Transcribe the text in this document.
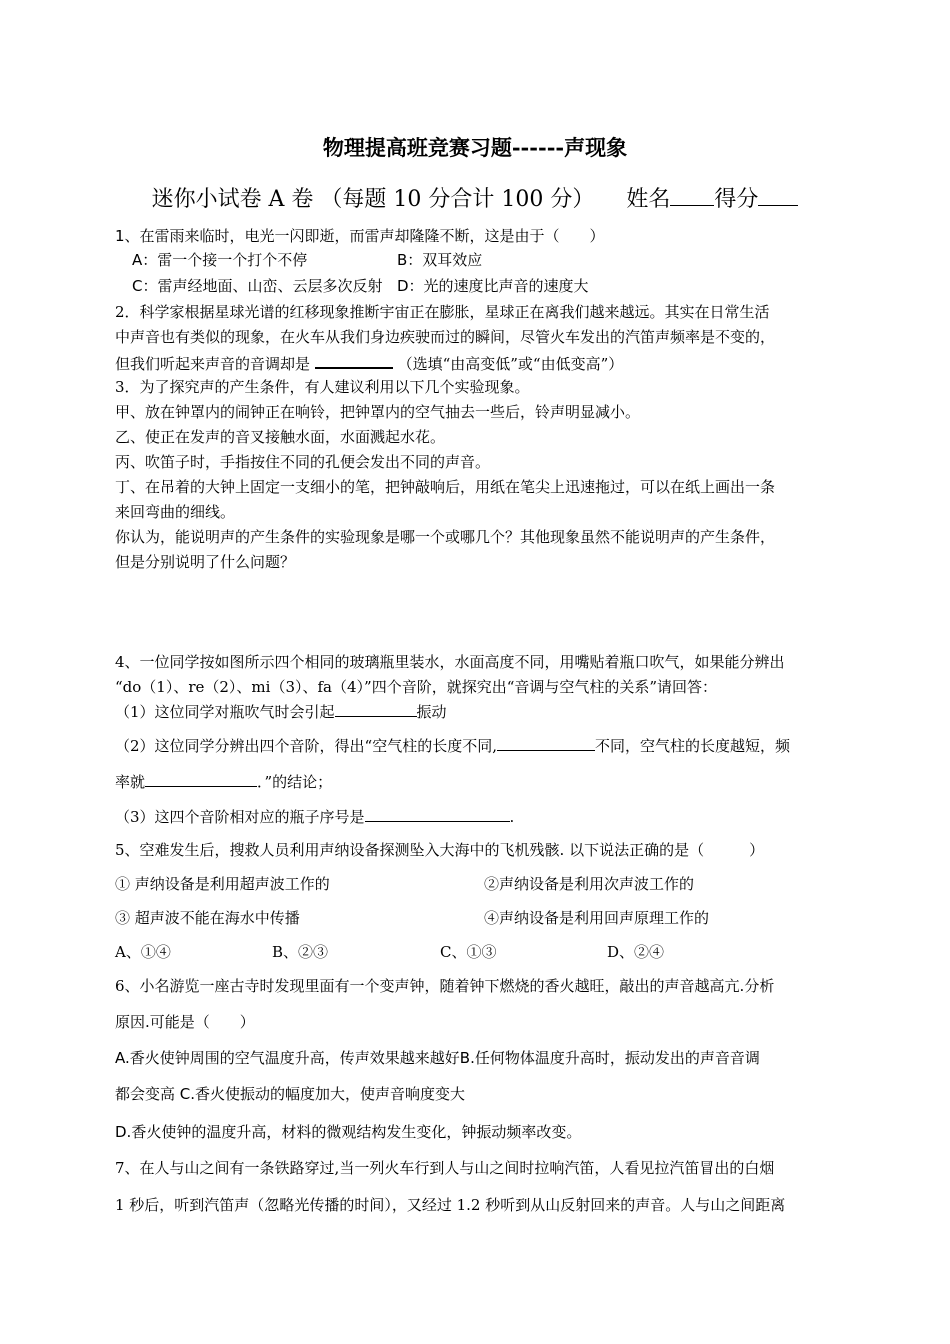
物理提高班竞赛习题------声现象
迷你小试卷 A 卷 （每题 10 分合计 100 分） 姓名 得分
1、在雷雨来临时，电光一闪即逝，而雷声却隆隆不断，这是由于（　　）
A：雷一个接一个打个不停	B：双耳效应
C：雷声经地面、山峦、云层多次反射 D：光的速度比声音的速度大
2．科学家根据星球光谱的红移现象推断宇宙正在膨胀，星球正在离我们越来越远。其实在日常生活
中声音也有类似的现象，在火车从我们身边疾驶而过的瞬间，尽管火车发出的汽笛声频率是不变的，
但我们听起来声音的音调却是	（选填“由高变低”或“由低变高”）
3．为了探究声的产生条件，有人建议利用以下几个实验现象。
甲、放在钟罩内的闹钟正在响铃，把钟罩内的空气抽去一些后，铃声明显减小。
乙、使正在发声的音叉接触水面，水面溅起水花。
丙、吹笛子时，手指按住不同的孔便会发出不同的声音。
丁、在吊着的大钟上固定一支细小的笔，把钟敲响后，用纸在笔尖上迅速拖过，可以在纸上画出一条
来回弯曲的细线。
你认为，能说明声的产生条件的实验现象是哪一个或哪几个？其他现象虽然不能说明声的产生条件，
但是分别说明了什么问题？
4、一位同学按如图所示四个相同的玻璃瓶里装水，水面高度不同，用嘴贴着瓶口吹气，如果能分辨出
“do（1）、re（2）、mi（3）、fa（4）”四个音阶，就探究出“音调与空气柱的关系”请回答：
（1）这位同学对瓶吹气时会引起	振动
（2）这位同学分辨出四个音阶，得出“空气柱的长度不同,	不同，空气柱的长度越短，频
率就	．”的结论；
（3）这四个音阶相对应的瓶子序号是	.
5、空难发生后，搜救人员利用声纳设备探测坠入大海中的飞机残骸. 以下说法正确的是（　　　）
① 声纳设备是利用超声波工作的	②声纳设备是利用次声波工作的
③ 超声波不能在海水中传播	④声纳设备是利用回声原理工作的
A、①④	B、②③	C、①③	D、②④
6、小名游览一座古寺时发现里面有一个变声钟，随着钟下燃烧的香火越旺，敲出的声音越高亢.分析
原因.可能是（　　）
A.香火使钟周围的空气温度升高，传声效果越来越好B.任何物体温度升高时，振动发出的声音音调
都会变高 C.香火使振动的幅度加大，使声音响度变大
D.香火使钟的温度升高，材料的微观结构发生变化，钟振动频率改变。
7、在人与山之间有一条铁路穿过,当一列火车行到人与山之间时拉响汽笛，人看见拉汽笛冒出的白烟
1 秒后，听到汽笛声（忽略光传播的时间），又经过 1.2 秒听到从山反射回来的声音。人与山之间距离
